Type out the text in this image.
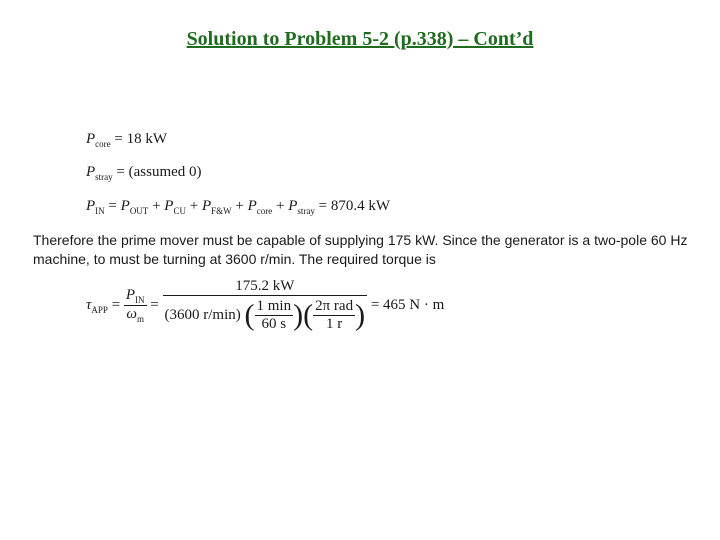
Solution to Problem 5-2 (p.338) – Cont’d
$P_{core} = 18$ kW
$P_{stray}$ = (assumed 0)
$P_{IN} = P_{OUT} + P_{CU} + P_{F\&W} + P_{core} + P_{stray} = 870.4$ kW
Therefore the prime mover must be capable of supplying 175 kW. Since the generator is a two-pole 60 Hz machine, to must be turning at 3600 r/min. The required torque is
$\tau_{APP} = \frac{P_{IN}}{\omega_m} = \frac{175.2 kW}{(3600 r/\min) ( \frac{1 \min}{60 s} )( \frac{\text{2π rad}}{1 r} )} = 465$ N · m
